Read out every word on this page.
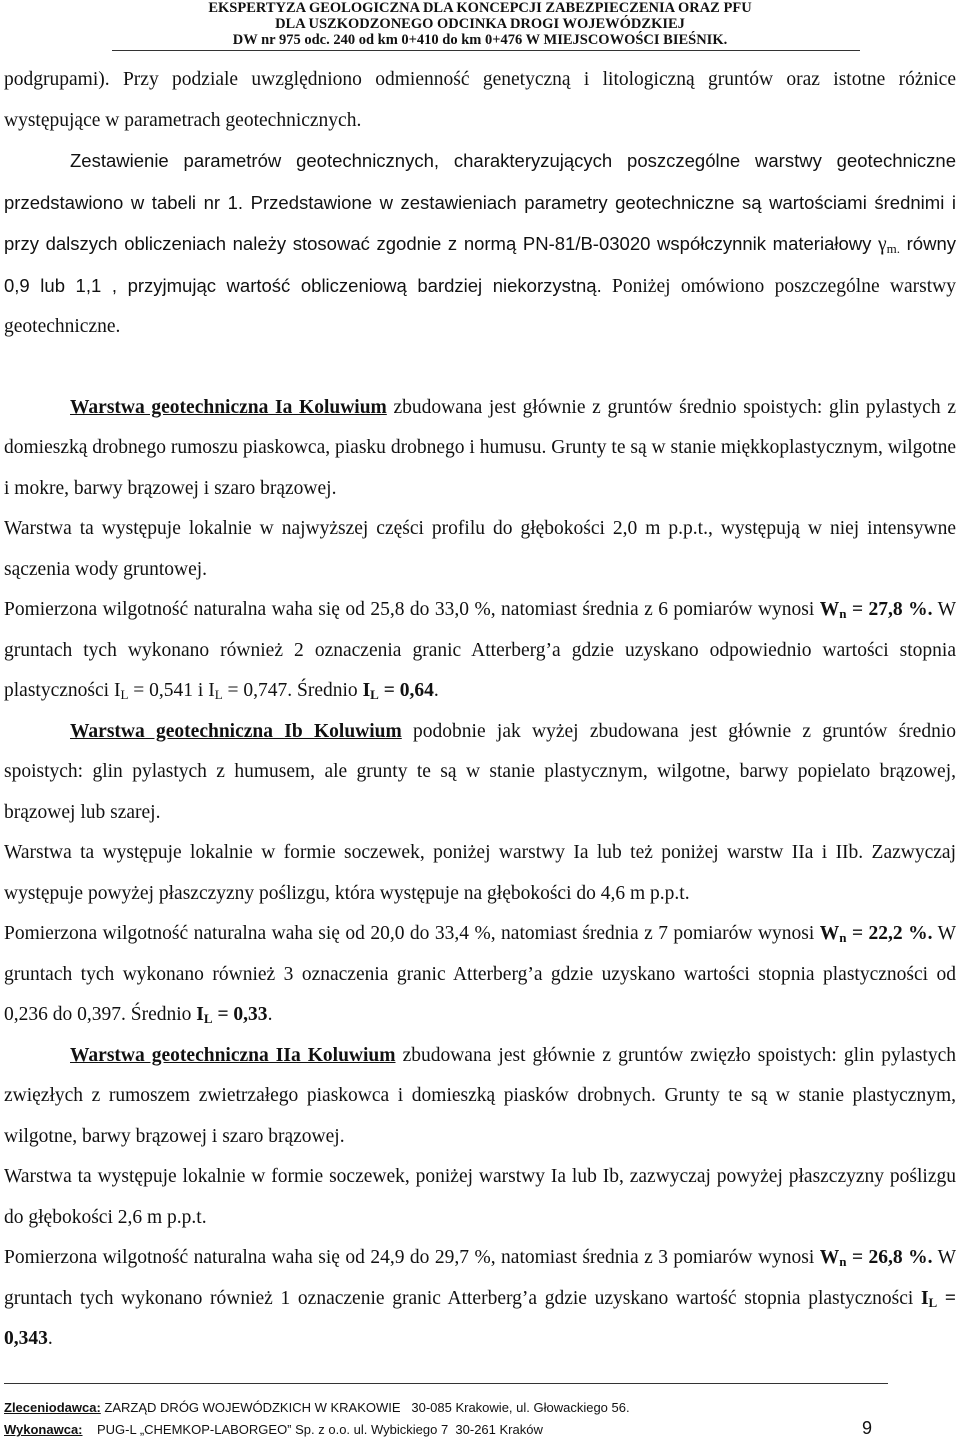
EKSPERTYZA GEOLOGICZNA DLA KONCEPCJI ZABEZPIECZENIA ORAZ PFU
DLA USZKODZONEGO ODCINKA DROGI WOJEWÓDZKIEJ
DW nr 975 odc. 240 od km 0+410 do km 0+476 W MIEJSCOWOŚCI BIEŚNIK.

podgrupami). Przy podziale uwzględniono odmienność genetyczną i litologiczną gruntów oraz istotne różnice występujące w parametrach geotechnicznych.

Zestawienie parametrów geotechnicznych, charakteryzujących poszczególne warstwy geotechniczne przedstawiono w tabeli nr 1. Przedstawione w zestawieniach parametry geotechniczne są wartościami średnimi i przy dalszych obliczeniach należy stosować zgodnie z normą PN-81/B-03020 współczynnik materiałowy $\gamma_{m.}$ równy 0,9 lub 1,1 , przyjmując wartość obliczeniową bardziej niekorzystną. Poniżej omówiono poszczególne warstwy geotechniczne.

Warstwa geotechniczna Ia Koluwium zbudowana jest głównie z gruntów średnio spoistych: glin pylastych z domieszką drobnego rumoszu piaskowca, piasku drobnego i humusu. Grunty te są w stanie miękkoplastycznym, wilgotne i mokre, barwy brązowej i szaro brązowej.

Warstwa ta występuje lokalnie w najwyższej części profilu do głębokości 2,0 m p.p.t., występują w niej intensywne sączenia wody gruntowej.

Pomierzona wilgotność naturalna waha się od 25,8 do 33,0 %, natomiast średnia z 6 pomiarów wynosi $W_n = 27,8$ %. W gruntach tych wykonano również 2 oznaczenia granic Atterberg’a gdzie uzyskano odpowiednio wartości stopnia plastyczności $I_L = 0,541$ i $I_L = 0,747$. Średnio $I_L = 0,64$.

Warstwa geotechniczna Ib Koluwium podobnie jak wyżej zbudowana jest głównie z gruntów średnio spoistych: glin pylastych z humusem, ale grunty te są w stanie plastycznym, wilgotne, barwy popielato brązowej, brązowej lub szarej.

Warstwa ta występuje lokalnie w formie soczewek, poniżej warstwy Ia lub też poniżej warstw IIa i IIb. Zazwyczaj występuje powyżej płaszczyzny poślizgu, która występuje na głębokości do 4,6 m p.p.t.

Pomierzona wilgotność naturalna waha się od 20,0 do 33,4 %, natomiast średnia z 7 pomiarów wynosi $W_n = 22,2$ %. W gruntach tych wykonano również 3 oznaczenia granic Atterberg’a gdzie uzyskano wartości stopnia plastyczności od 0,236 do 0,397. Średnio $I_L = 0,33$.

Warstwa geotechniczna IIa Koluwium zbudowana jest głównie z gruntów zwięzło spoistych: glin pylastych zwięzłych z rumoszem zwietrzałego piaskowca i domieszką piasków drobnych. Grunty te są w stanie plastycznym, wilgotne, barwy brązowej i szaro brązowej.

Warstwa ta występuje lokalnie w formie soczewek, poniżej warstwy Ia lub Ib, zazwyczaj powyżej płaszczyzny poślizgu do głębokości 2,6 m p.p.t.

Pomierzona wilgotność naturalna waha się od 24,9 do 29,7 %, natomiast średnia z 3 pomiarów wynosi $W_n = 26,8$ %. W gruntach tych wykonano również 1 oznaczenie granic Atterberg’a gdzie uzyskano wartość stopnia plastyczności $I_L = 0,343$.

Zleceniodawca: ZARZĄD DRÓG WOJEWÓDZKICH W KRAKOWIE   30-085 Krakowie, ul. Głowackiego 56.
Wykonawca:    PUG-L „CHEMKOP-LABORGEO” Sp. z o.o. ul. Wybickiego 7  30-261 Kraków	9
